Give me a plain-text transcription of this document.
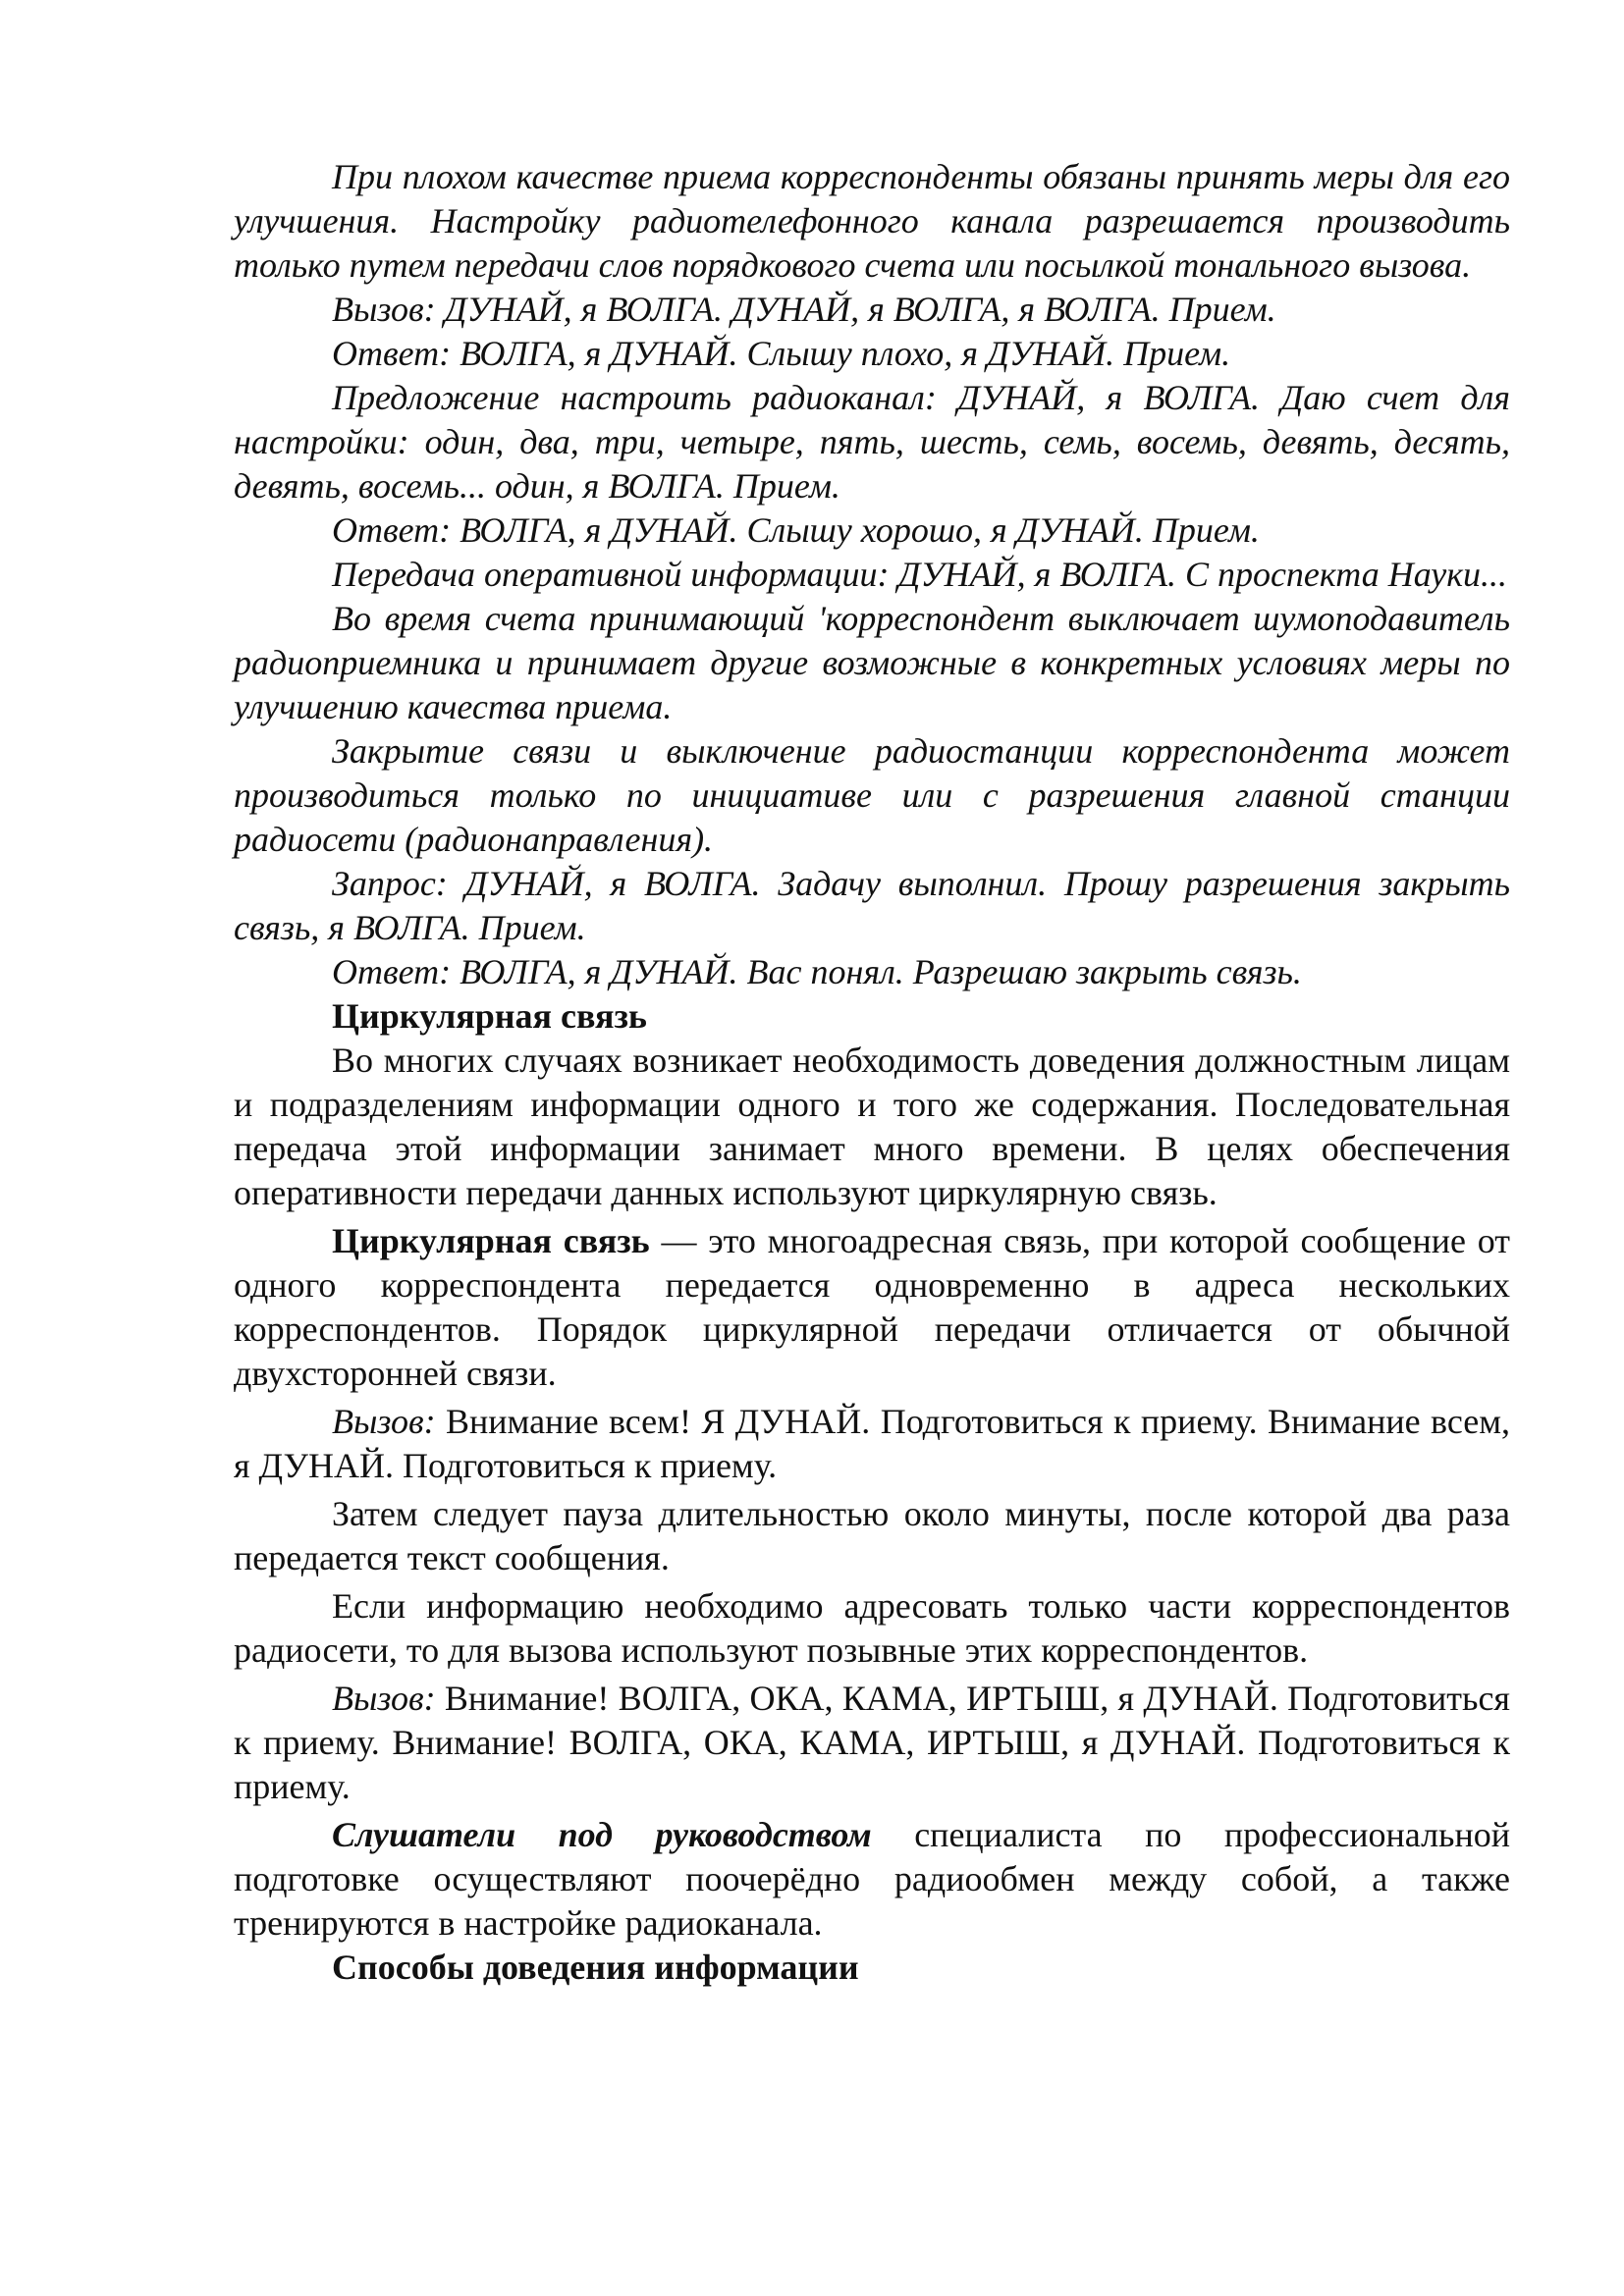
При плохом качестве приема корреспонденты обязаны принять меры для его улучшения. Настройку радиотелефонного канала разрешается производить только путем передачи слов порядкового счета или посылкой тонального вызова.

Вызов: ДУНАЙ, я ВОЛГА. ДУНАЙ, я ВОЛГА, я ВОЛГА. Прием.

Ответ: ВОЛГА, я ДУНАЙ. Слышу плохо, я ДУНАЙ. Прием.

Предложение настроить радиоканал: ДУНАЙ, я ВОЛГА. Даю счет для настройки: один, два, три, четыре, пять, шесть, семь, восемь, девять, десять, девять, восемь... один, я ВОЛГА. Прием.

Ответ: ВОЛГА, я ДУНАЙ. Слышу хорошо, я ДУНАЙ. Прием.

Передача оперативной информации: ДУНАЙ, я ВОЛГА. С проспекта Науки...

Во время счета принимающий 'корреспондент выключает шумоподавитель радиоприемника и принимает другие возможные в конкретных условиях меры по улучшению качества приема.

Закрытие связи и выключение радиостанции корреспондента может производиться только по инициативе или с разрешения главной станции радиосети (радионаправления).

Запрос: ДУНАЙ, я ВОЛГА. Задачу выполнил. Прошу разрешения закрыть связь, я ВОЛГА. Прием.

Ответ: ВОЛГА, я ДУНАЙ. Вас понял. Разрешаю закрыть связь.

Циркулярная связь

Во многих случаях возникает необходимость доведения должностным лицам и подразделениям информации одного и того же содержания. Последовательная передача этой информации занимает много времени. В целях обеспечения оперативности передачи данных используют циркулярную связь.

Циркулярная связь — это многоадресная связь, при которой сообщение от одного корреспондента передается одновременно в адреса нескольких корреспондентов. Порядок циркулярной передачи отличается от обычной двухсторонней связи.

Вызов: Внимание всем! Я ДУНАЙ. Подготовиться к приему. Внимание всем, я ДУНАЙ. Подготовиться к приему.

Затем следует пауза длительностью около минуты, после которой два раза передается текст сообщения.

Если информацию необходимо адресовать только части корреспондентов радиосети, то для вызова используют позывные этих корреспондентов.

Вызов: Внимание! ВОЛГА, ОКА, КАМА, ИРТЫШ, я ДУНАЙ. Подготовиться к приему. Внимание! ВОЛГА, ОКА, КАМА, ИРТЫШ, я ДУНАЙ. Подготовиться к приему.

Слушатели под руководством специалиста по профессиональной подготовке осуществляют поочерёдно радиообмен между собой, а также тренируются в настройке радиоканала.

Способы доведения информации
